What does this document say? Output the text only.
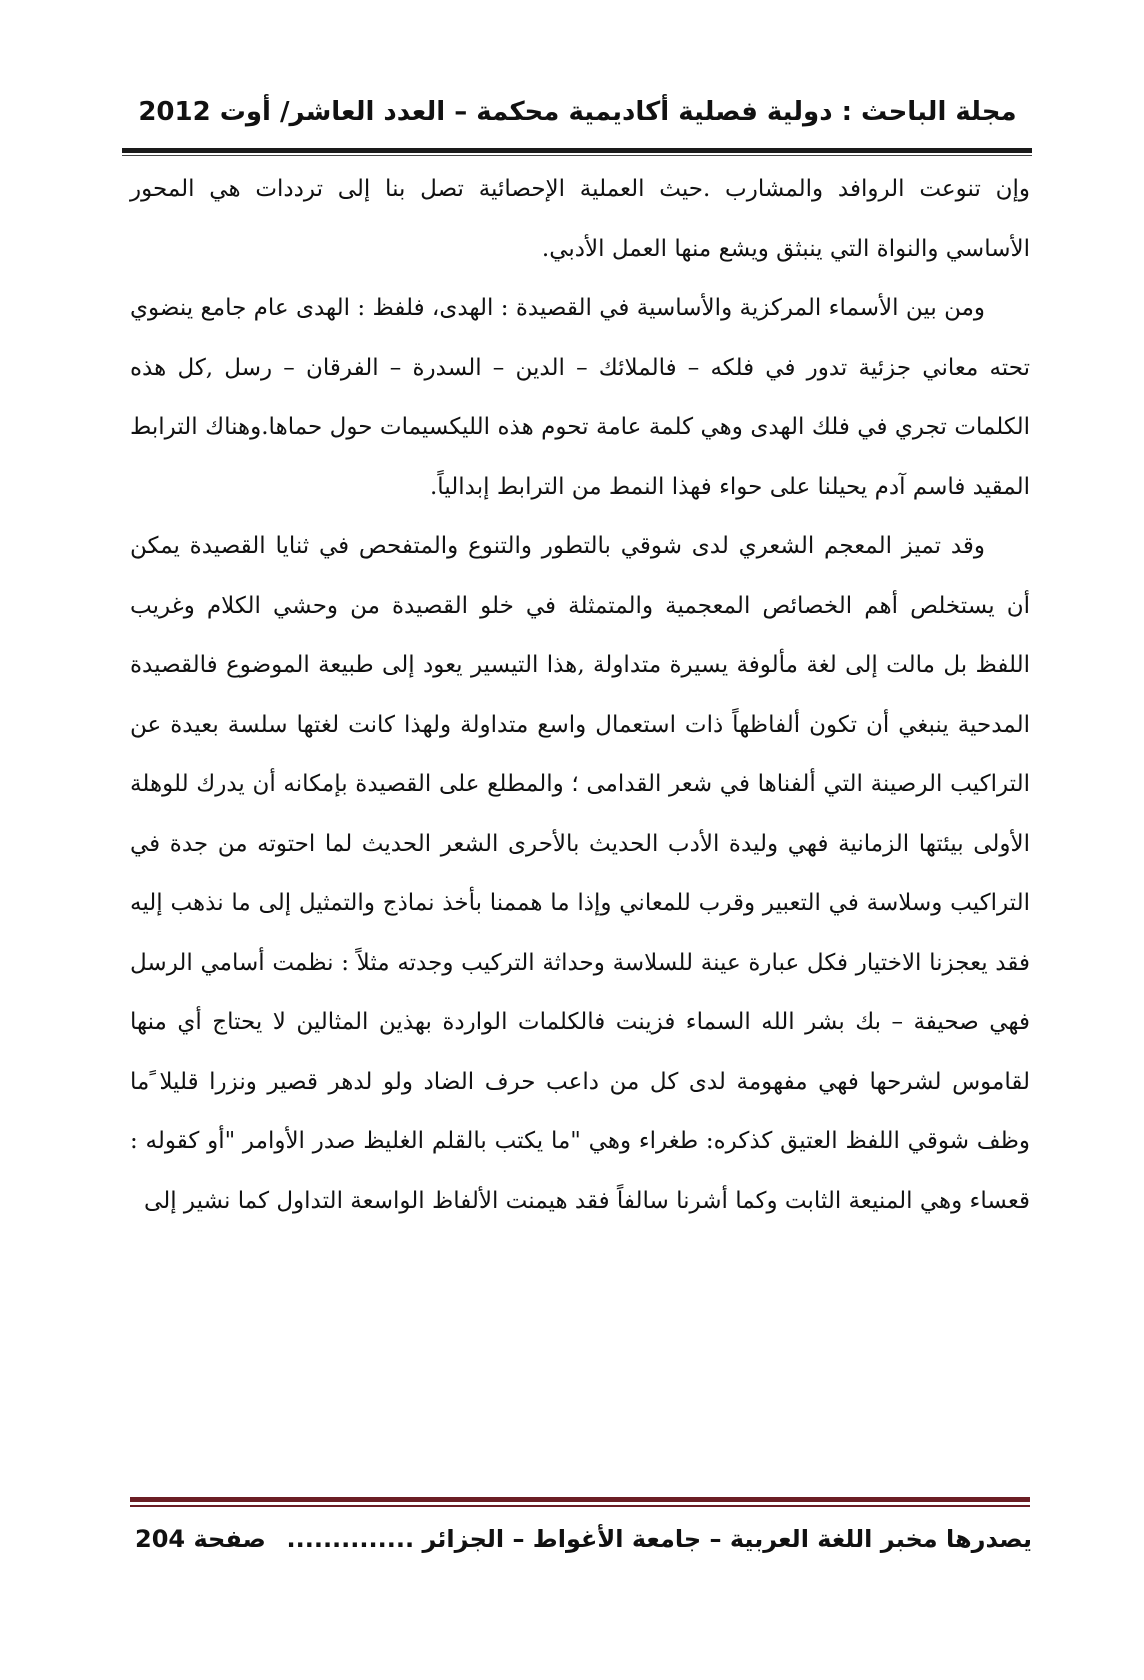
مجلة الباحث : دولية فصلية أكاديمية محكمة – العدد العاشر/ أوت 2012

وإن تنوعت الروافد والمشارب .حيث العملية الإحصائية تصل بنا إلى ترددات هي المحور الأساسي والنواة التي ينبثق ويشع منها العمل الأدبي.

ومن بين الأسماء المركزية والأساسية في القصيدة : الهدى، فلفظ : الهدى عام جامع ينضوي تحته معاني جزئية تدور في فلكه – فالملائك – الدين – السدرة – الفرقان – رسل ,كل هذه الكلمات تجري في فلك الهدى وهي كلمة عامة تحوم هذه الليكسيمات حول حماها.وهناك الترابط المقيد فاسم آدم يحيلنا على حواء فهذا النمط من الترابط إبدالياً.

وقد تميز المعجم الشعري لدى شوقي بالتطور والتنوع والمتفحص في ثنايا القصيدة يمكن أن يستخلص أهم الخصائص المعجمية والمتمثلة في خلو القصيدة من وحشي الكلام وغريب اللفظ بل مالت إلى لغة مألوفة يسيرة متداولة ,هذا التيسير يعود إلى طبيعة الموضوع فالقصيدة المدحية ينبغي أن تكون ألفاظهاً ذات استعمال واسع متداولة ولهذا كانت لغتها سلسة بعيدة عن التراكيب الرصينة التي ألفناها في شعر القدامى ؛ والمطلع على القصيدة بإمكانه أن يدرك للوهلة الأولى بيئتها الزمانية فهي وليدة الأدب الحديث بالأحرى الشعر الحديث لما احتوته من جدة في التراكيب وسلاسة في التعبير وقرب للمعاني وإذا ما هممنا بأخذ نماذج والتمثيل إلى ما نذهب إليه فقد يعجزنا الاختيار فكل عبارة عينة للسلاسة وحداثة التركيب وجدته مثلاً : نظمت أسامي الرسل فهي صحيفة – بك بشر الله السماء فزينت فالكلمات الواردة بهذين المثالين لا يحتاج أي منها لقاموس لشرحها فهي مفهومة لدى كل من داعب حرف الضاد ولو لدهر قصير ونزرا قليلا ًما وظف شوقي اللفظ العتيق كذكره: طغراء وهي "ما يكتب بالقلم الغليظ صدر الأوامر "أو كقوله : قعساء وهي المنيعة الثابت وكما أشرنا سالفاً فقد هيمنت الألفاظ الواسعة التداول كما نشير إلى

يصدرها مخبر اللغة العربية – جامعة الأغواط – الجزائر ..............
صفحة 204
